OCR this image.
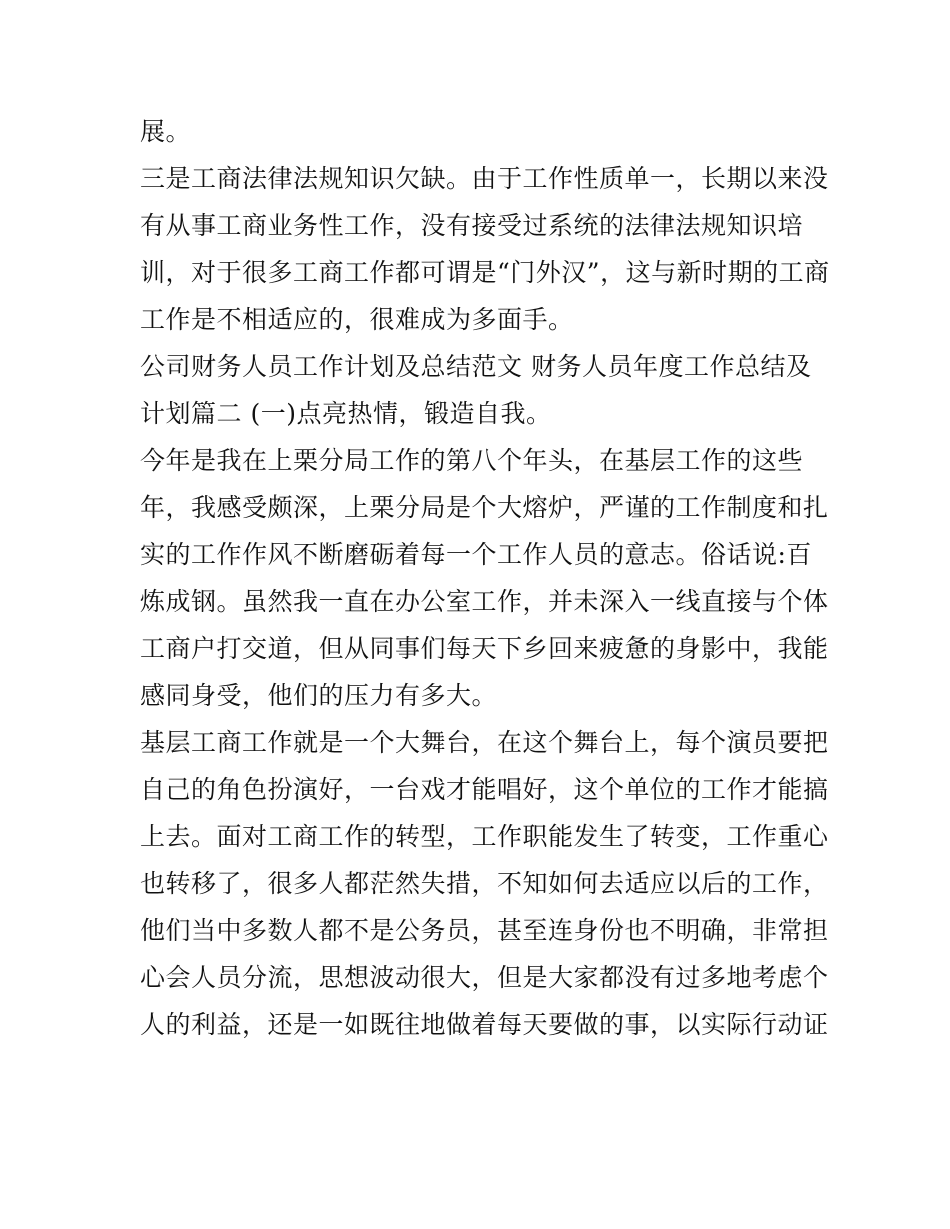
展。
三是工商法律法规知识欠缺。由于工作性质单一，长期以来没
有从事工商业务性工作，没有接受过系统的法律法规知识培
训，对于很多工商工作都可谓是“门外汉”，这与新时期的工商
工作是不相适应的，很难成为多面手。
公司财务人员工作计划及总结范文 财务人员年度工作总结及
计划篇二 (一)点亮热情，锻造自我。
今年是我在上栗分局工作的第八个年头，在基层工作的这些
年，我感受颇深，上栗分局是个大熔炉，严谨的工作制度和扎
实的工作作风不断磨砺着每一个工作人员的意志。俗话说:百
炼成钢。虽然我一直在办公室工作，并未深入一线直接与个体
工商户打交道，但从同事们每天下乡回来疲惫的身影中，我能
感同身受，他们的压力有多大。
基层工商工作就是一个大舞台，在这个舞台上，每个演员要把
自己的角色扮演好，一台戏才能唱好，这个单位的工作才能搞
上去。面对工商工作的转型，工作职能发生了转变，工作重心
也转移了，很多人都茫然失措，不知如何去适应以后的工作，
他们当中多数人都不是公务员，甚至连身份也不明确，非常担
心会人员分流，思想波动很大，但是大家都没有过多地考虑个
人的利益，还是一如既往地做着每天要做的事，以实际行动证
